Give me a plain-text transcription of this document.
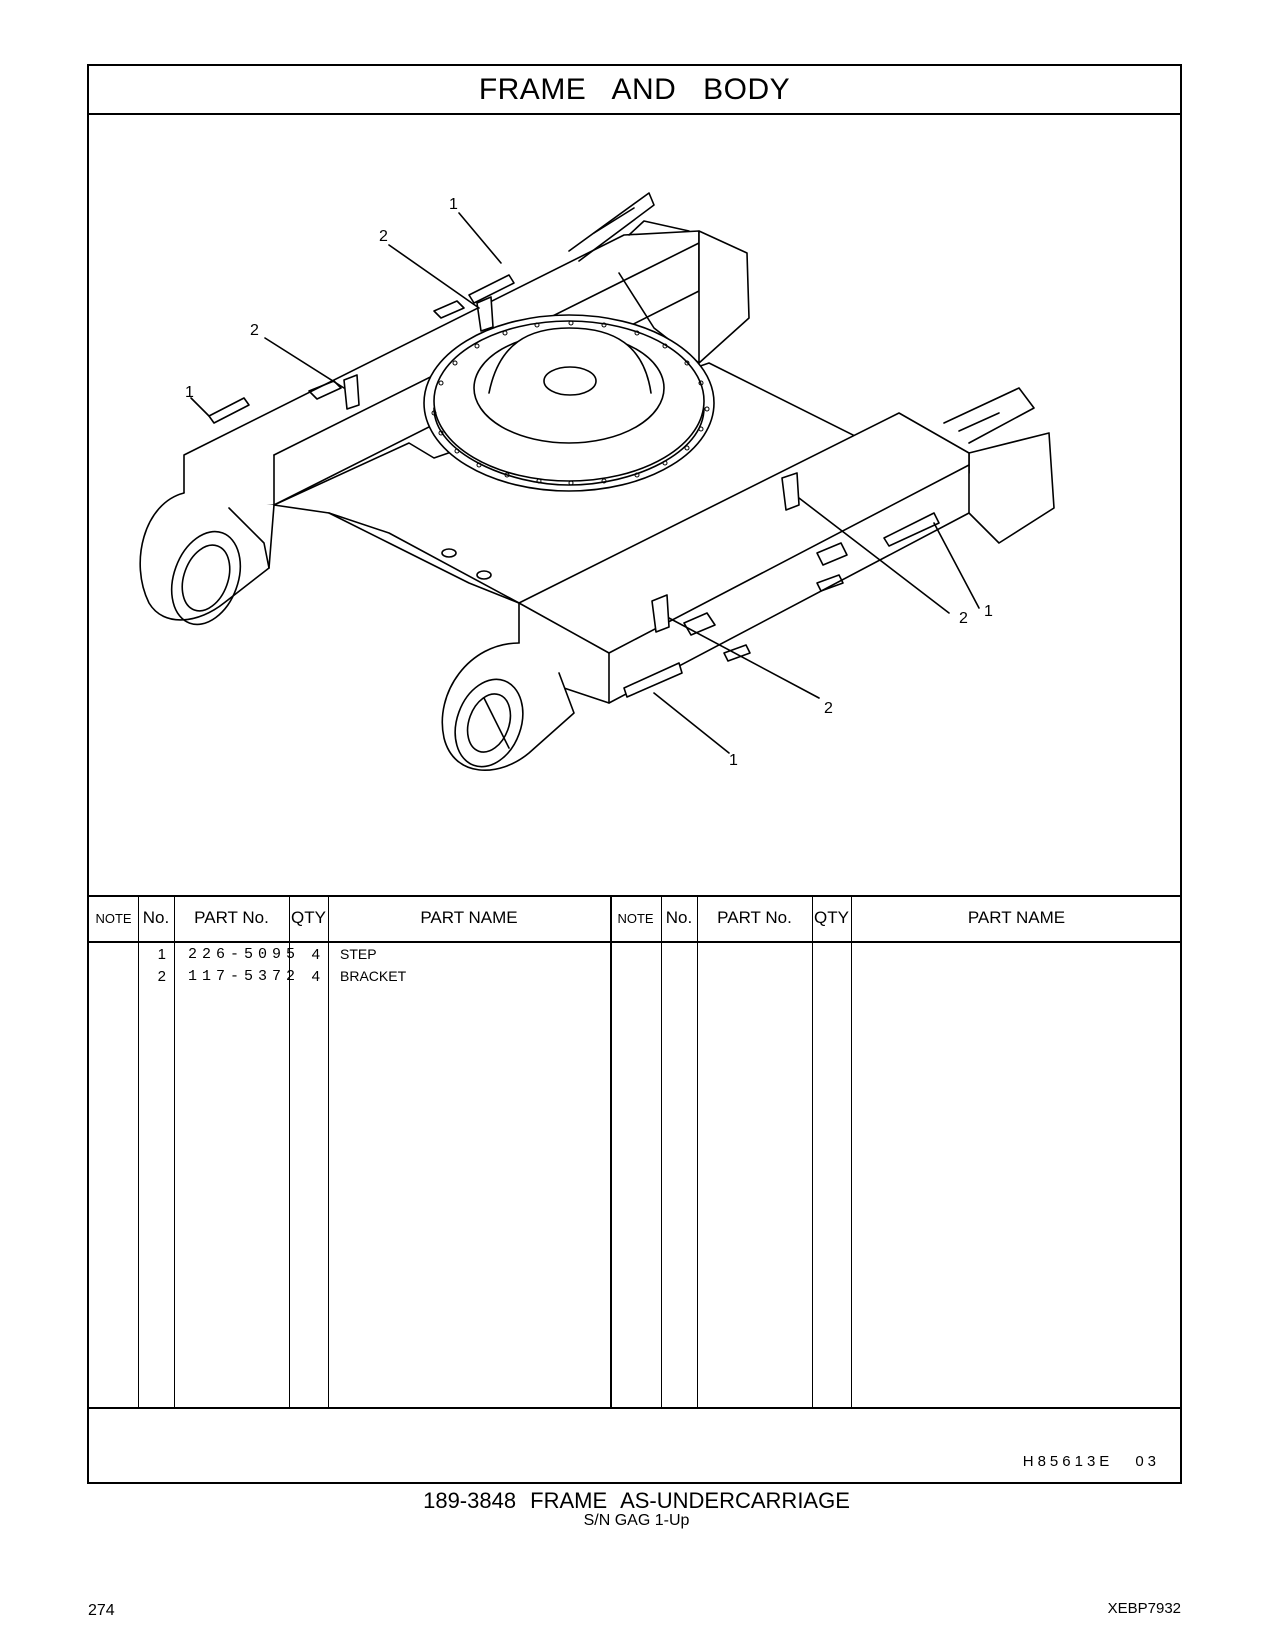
FRAME AND BODY
1
2
2
1
2 1
2
1
NOTE No.	PART No.	QTY	PART NAME	NOTE No.	PART No.	QTY	PART NAME
1 226-5095 4 STEP
2 117-5372 4 BRACKET
H85613E 03
189-3848 FRAME AS-UNDERCARRIAGE
S/N GAG 1-Up
274	XEBP7932
